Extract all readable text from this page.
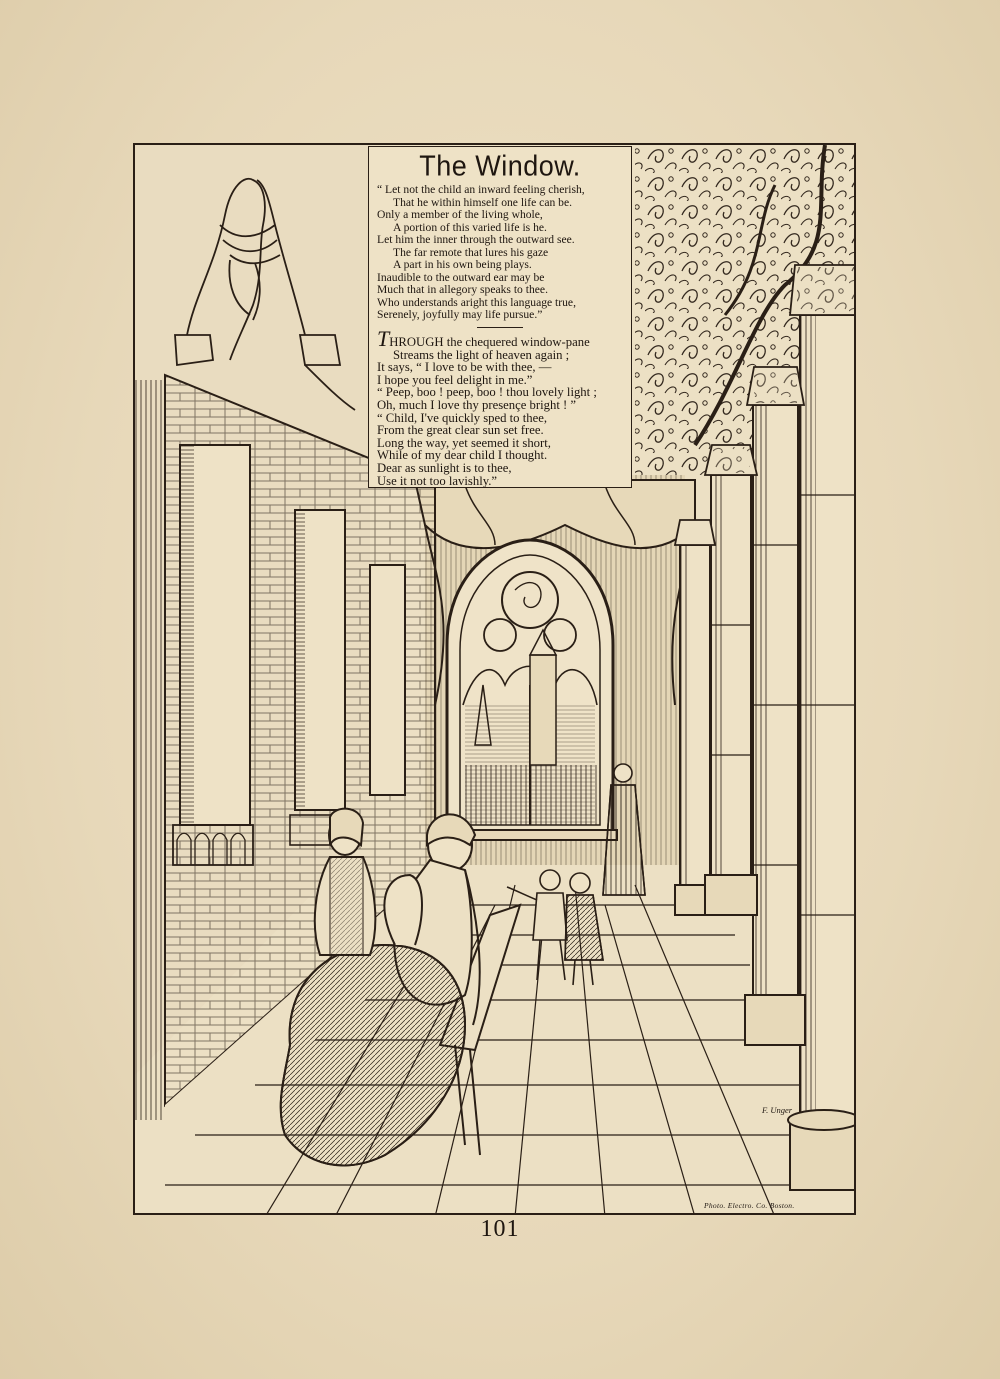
The Window.
“ Let not the child an inward feeling cherish,
That he within himself one life can be.
Only a member of the living whole,
A portion of this varied life is he.
Let him the inner through the outward see.
The far remote that lures his gaze
A part in his own being plays.
Inaudible to the outward ear may be
Much that in allegory speaks to thee.
Who understands aright this language true,
Serenely, joyfully may life pursue.”
THROUGH the chequered window-pane
Streams the light of heaven again ;
It says, “ I love to be with thee, —
I hope you feel delight in me.”
“ Peep, boo ! peep, boo ! thou lovely light ;
Oh, much I love thy presençe bright ! ”
“ Child, I've quickly sped to thee,
From the great clear sun set free.
Long the way, yet seemed it short,
While of my dear child I thought.
Dear as sunlight is to thee,
Use it not too lavishly.”
F. Unger
Photo. Electro. Co. Boston.
101
